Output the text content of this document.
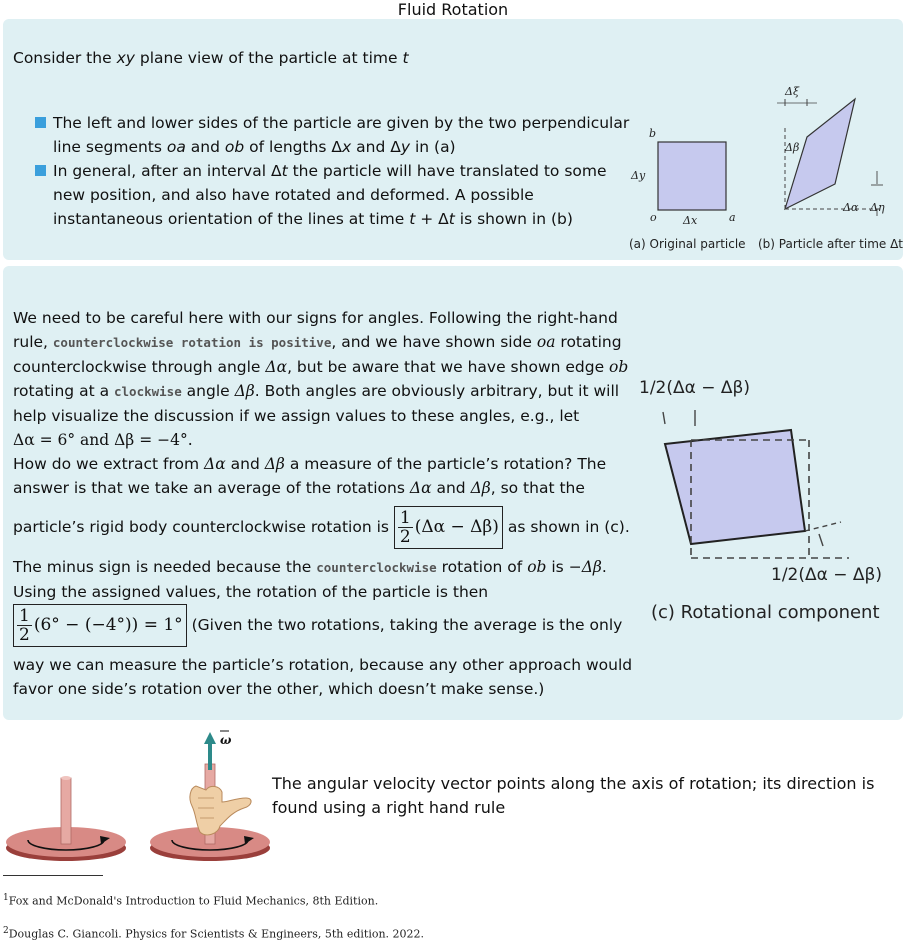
Fluid Rotation
Consider the xy plane view of the particle at time t
The left and lower sides of the particle are given by the two perpendicular line segments oa and ob of lengths Δx and Δy in (a)
In general, after an interval Δt the particle will have translated to some new position, and also have rotated and deformed. A possible instantaneous orientation of the lines at time t + Δt is shown in (b)
b
Δy
o Δx	a
(a) Original particle
Δξ
Δβ
Δα Δη
(b) Particle after time Δt
We need to be careful here with our signs for angles. Following the right-hand rule, counterclockwise rotation is positive, and we have shown side oa rotating counterclockwise through angle Δα, but be aware that we have shown edge ob rotating at a clockwise angle Δβ. Both angles are obviously arbitrary, but it will help visualize the discussion if we assign values to these angles, e.g., let
Δα = 6° and Δβ = −4°.
How do we extract from Δα and Δβ a measure of the particle’s rotation? The answer is that we take an average of the rotations Δα and Δβ, so that the
particle’s rigid body counterclockwise rotation is $\frac{1}{2} (\Delta\alpha - \Delta\beta)$ as shown in (c).
The minus sign is needed because the counterclockwise rotation of ob is −Δβ.
Using the assigned values, the rotation of the particle is then
$\frac{1}{2} (6^\circ - (-4^\circ)) = 1^\circ$ (Given the two rotations, taking the average is the only
way we can measure the particle’s rotation, because any other approach would favor one side’s rotation over the other, which doesn’t make sense.)
1/2(Δα − Δβ)
1/2(Δα − Δβ)
(c) Rotational component
ω
The angular velocity vector points along the axis of rotation; its direction is found using a right hand rule
$^1$Fox and McDonald's Introduction to Fluid Mechanics, 8th Edition.
$^2$Douglas C. Giancoli. Physics for Scientists & Engineers, 5th edition. 2022.
